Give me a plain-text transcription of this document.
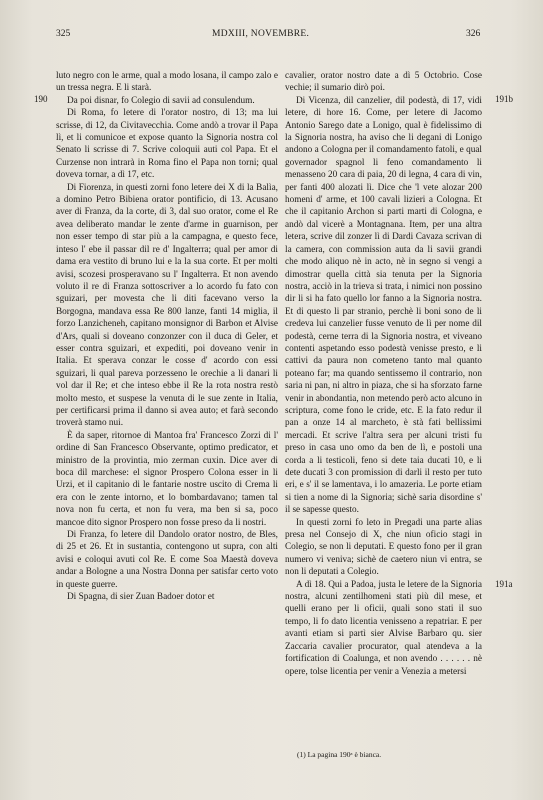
325	MDXIII, NOVEMBRE.	326
190	191b
191a

luto negro con le arme, qual a modo losana, il campo zalo e un tressa negra. E li starà.

Da poi disnar, fo Colegio di savii ad consulendum.

Di Roma, fo letere di l'orator nostro, di 13; ma lui scrisse, di 12, da Civitavecchia. Come andò a trovar il Papa lì, et li comunicoe et expose quanto la Signoria nostra col Senato li scrisse di 7. Scrive coloquii auti col Papa. Et el Curzense non intrarà in Roma fino el Papa non torni; qual doveva tornar, a dì 17, etc.

Di Fiorenza, in questi zorni fono letere dei X di la Balìa, a domino Petro Bibiena orator pontificio, di 13. Acusano aver di Franza, da la corte, di 3, dal suo orator, come el Re avea deliberato mandar le zente d'arme in guarnison, per non esser tempo di star più a la campagna, e questo fece, inteso l' ebe il passar dil re d' Ingalterra; qual per amor di dama era vestito di bruno lui e la la sua corte. Et per molti avisi, scozesi prosperavano su l' Ingalterra. Et non avendo voluto il re di Franza sottoscriver a lo acordo fu fato con sguizari, per movesta che li diti facevano verso la Borgogna, mandava essa Re 800 lanze, fanti 14 miglia, il forzo Lanzicheneh, capitano monsignor di Barbon et Alvise d'Ars, quali si doveano conzonzer con il duca di Geler, et esser contra sguizari, et expediti, poi doveano venir in Italia. Et sperava conzar le cosse d' acordo con essi sguizari, li qual pareva porzesseno le orechie a li danari li vol dar il Re; et che inteso ebbe il Re la rota nostra restò molto mesto, et suspese la venuta di le sue zente in Italia, per certificarsi prima il danno si avea auto; et farà secondo troverà stamo nui.

È da saper, ritornoe di Mantoa fra' Francesco Zorzi di l' ordine di San Francesco Observante, optimo predicator, et ministro de la provintia, mio zerman cuxin. Dice aver di boca dil marchese: el signor Prospero Colona esser in li Urzi, et il capitanio di le fantarie nostre uscito di Crema li era con le zente intorno, et lo bombardavano; tamen tal nova non fu certa, et non fu vera, ma ben si sa, poco mancoe dito signor Prospero non fosse preso da li nostri.

Di Franza, fo letere dil Dandolo orator nostro, de Bles, di 25 et 26. Et in sustantia, contengono ut supra, con alti avisi e coloqui avuti col Re. E come Soa Maestà doveva andar a Bologne a una Nostra Donna per satisfar certo voto in queste guerre.

Di Spagna, di sier Zuan Badoer dotor et

cavalier, orator nostro date a dì 5 Octobrio. Cose vechie; il sumario dirò poi.

Di Vicenza, dil canzelier, dil podestà, di 17, vidi letere, di hore 16. Come, per letere di Jacomo Antonio Sarego date a Lonigo, qual è fidelissimo di la Signoria nostra, ha aviso che li degani di Lonigo andono a Cologna per il comandamento fatoli, e qual governador spagnol li feno comandamento li menasseno 20 cara di paia, 20 di legna, 4 cara di vin, per fanti 400 alozati lì. Dice che 'l vete alozar 200 homeni d' arme, et 100 cavali lizieri a Cologna. Et che il capitanio Archon si parti marti di Cologna, e andò dal vicerè a Montagnana. Item, per una altra letera, scrive dil zonzer lì di Dardi Cavaza scrivan di la camera, con commission auta da li savii grandi che modo aliquo nè in acto, nè in segno si vengi a dimostrar quella città sia tenuta per la Signoria nostra, acciò in la trieva si trata, i nimici non possino dir li si ha fato quello lor fanno a la Signoria nostra. Et di questo li par stranio, perchè li boni sono de li credeva lui canzelier fusse venuto de lì per nome dil podestà, cerne terra di la Signoria nostra, et viveano contenti aspetando esso podestà venisse presto, e li cattivi da paura non cometeno tanto mal quanto poteano far; ma quando sentissemo il contrario, non saria ni pan, ni altro in piaza, che si ha sforzato farne venir in abondantia, non metendo però acto alcuno in scriptura, come fono le cride, etc. E la fato redur il pan a onze 14 al marcheto, è stà fati bellissimi mercadi. Et scrive l'altra sera per alcuni tristi fu preso in casa uno omo da ben de lì, e postoli una corda a li testicoli, feno si dete taia ducati 10, e li dete ducati 3 con promission di darli il resto per tuto eri, e s' il se lamentava, i lo amazeria. Le porte etiam si tien a nome di la Signoria; sichè saria disordine s' il se sapesse questo.

In questi zorni fo leto in Pregadi una parte alias presa nel Consejo di X, che niun oficio stagi in Colegio, se non li deputati. E questo fono per il gran numero vi veniva; sichè de caetero niun vi entra, se non li deputati a Colegio.

A dì 18. Qui a Padoa, justa le letere de la Signoria nostra, alcuni zentilhomeni stati più dil mese, et quelli erano per li oficii, quali sono stati il suo tempo, li fo dato licentia venisseno a repatriar. E per avanti etiam si partì sier Alvise Barbaro qu. sier Zaccaria cavalier procurator, qual atendeva a la fortification di Coalunga, et non avendo . . . . . . nè opere, tolse licentia per venir a Venezia a metersi

(1) La pagina 190ᵃ è bianca.
